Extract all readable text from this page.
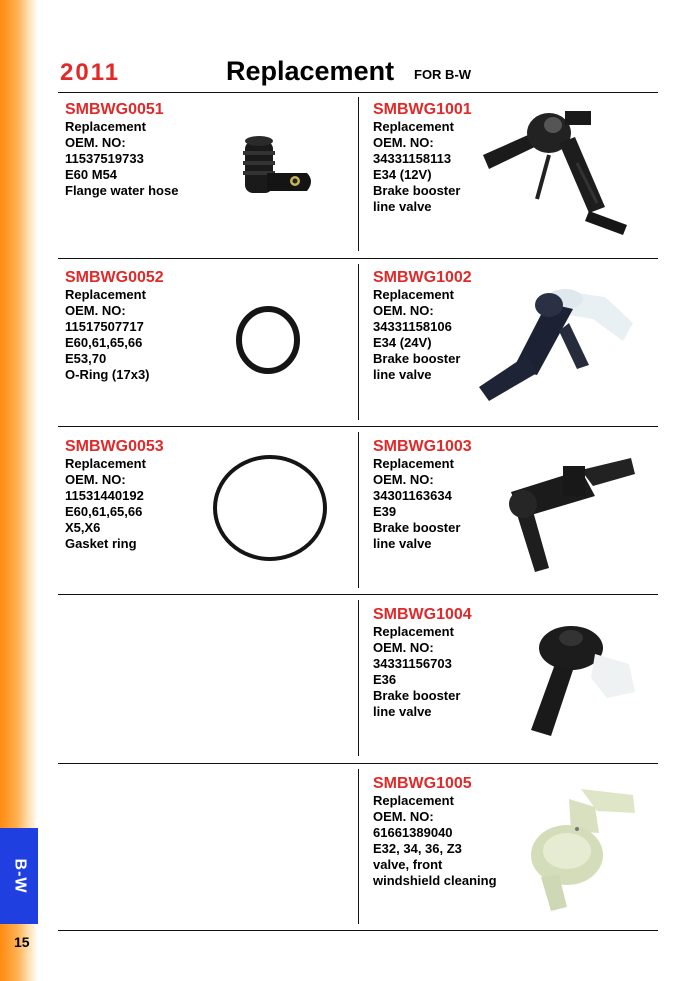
B-W
15
2011	Replacement FOR B-W
SMBWG0051
Replacement
OEM. NO:
11537519733
E60 M54
Flange water hose
SMBWG1001
Replacement
OEM. NO:
34331158113
E34 (12V)
Brake booster
line valve
SMBWG0052
Replacement
OEM. NO:
11517507717
E60,61,65,66
E53,70
O-Ring (17x3)
SMBWG1002
Replacement
OEM. NO:
34331158106
E34 (24V)
Brake booster
line valve
SMBWG0053
Replacement
OEM. NO:
11531440192
E60,61,65,66
X5,X6
Gasket ring
SMBWG1003
Replacement
OEM. NO:
34301163634
E39
Brake booster
line valve
SMBWG1004
Replacement
OEM. NO:
34331156703
E36
Brake booster
line valve
SMBWG1005
Replacement
OEM. NO:
61661389040
E32, 34, 36, Z3
valve, front
windshield cleaning
